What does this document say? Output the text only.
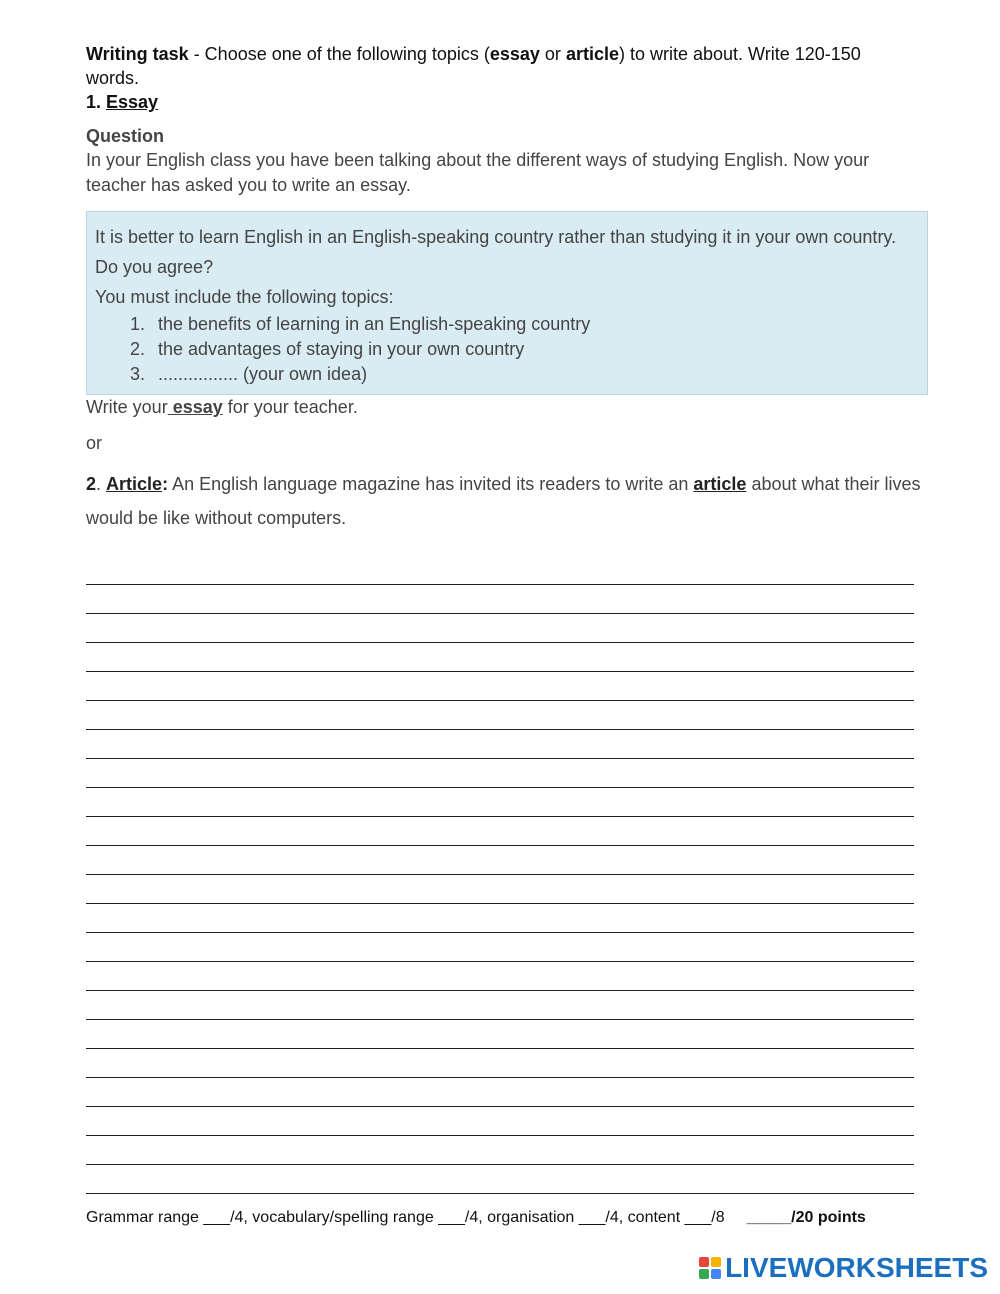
Writing task - Choose one of the following topics (essay or article) to write about. Write 120-150 words.
1. Essay
Question
In your English class you have been talking about the different ways of studying English. Now your teacher has asked you to write an essay.

It is better to learn English in an English-speaking country rather than studying it in your own country.

Do you agree?

You must include the following topics:

1. the benefits of learning in an English-speaking country
2. the advantages of staying in your own country
3. ................ (your own idea)
Write your essay for your teacher.
or
2. Article: An English language magazine has invited its readers to write an article about what their lives would be like without computers.
Grammar range ___/4, vocabulary/spelling range ___/4, organisation ___/4, content ___/8 _____/20 points
LIVEWORKSHEETS
